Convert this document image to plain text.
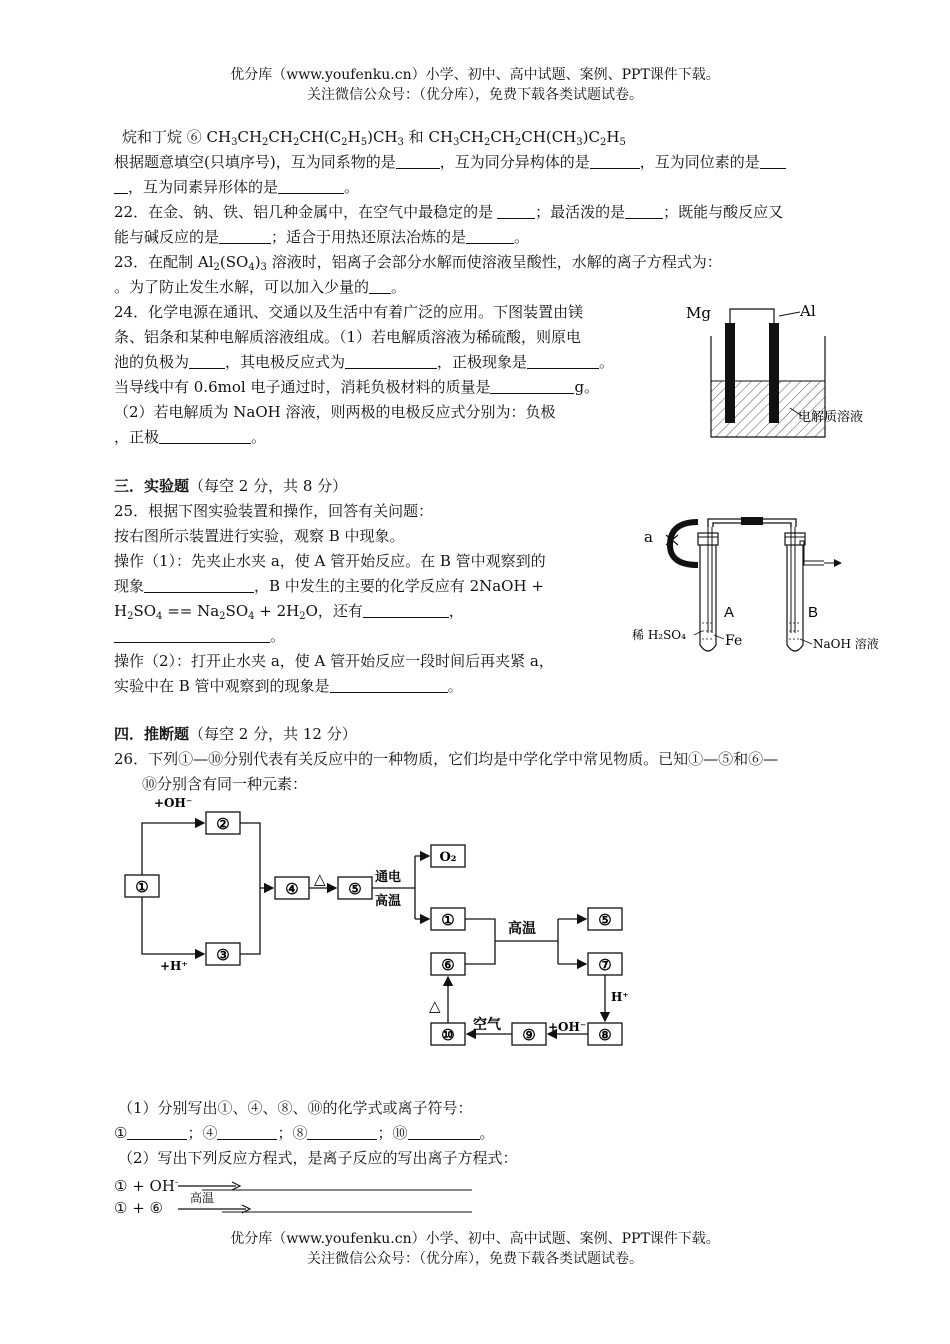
优分库（www.youfenku.cn）小学、初中、高中试题、案例、PPT课件下载。
关注微信公众号：（优分库），免费下载各类试题试卷。
烷和丁烷 ⑥ $CH_3CH_2CH_2CH(C_2H_5)CH_3$ 和 $CH_3CH_2CH_2CH(CH_3)C_2H_5$
根据题意填空(只填序号)，互为同系物的是	，互为同分异构体的是	，互为同位素的是
，互为同素异形体的是	。
22．在金、钠、铁、铝几种金属中，在空气中最稳定的是	；最活泼的是	；既能与酸反应又
能与碱反应的是	；适合于用热还原法冶炼的是	。
23．在配制 $Al_2(SO_4)_3$ 溶液时，铝离子会部分水解而使溶液呈酸性，水解的离子方程式为：
。为了防止发生水解，可以加入少量的 。
24．化学电源在通讯、交通以及生活中有着广泛的应用。下图装置由镁
条、铝条和某种电解质溶液组成。（1）若电解质溶液为稀硫酸，则原电
池的负极为 ，其电极反应式为	，正极现象是	。
当导线中有 0.6mol 电子通过时，消耗负极材料的质量是	g。
（2）若电解质为 NaOH 溶液，则两极的电极反应式分别为：负极
，正极	。
Mg	Al
电解质溶液
三．实验题（每空 2 分，共 8 分）
25．根据下图实验装置和操作，回答有关问题：
按右图所示装置进行实验，观察 B 中现象。
操作（1）：先夹止水夹 a，使 A 管开始反应。在 B 管中观察到的
现象	，B 中发生的主要的化学反应有 2NaOH +
$H_2SO_4 == Na_2SO_4 + 2H_2O$，还有	，
。
操作（2）：打开止水夹 a，使 A 管开始反应一段时间后再夹紧 a，
实验中在 B 管中观察到的现象是	。
a
A
稀 H₂SO₄	Fe
B
NaOH 溶液
四．推断题（每空 2 分，共 12 分）
26．下列①—⑩分别代表有关反应中的一种物质，它们均是中学化学中常见物质。已知①—⑤和⑥—
⑩分别含有同一种元素：
①
②
③
④	⑤
O₂
①	⑤
⑥	⑦
⑧
⑨
⑩
+OH⁻
+H⁺
△	通电
高温
高温
H⁺
+OH⁻
空气
△
（1）分别写出①、④、⑧、⑩的化学式或离子符号：
①	；④	；⑧	；⑩	。
（2）写出下列反应方程式，是离子反应的写出离子方程式：
① + OH-
① + ⑥
高温
优分库（www.youfenku.cn）小学、初中、高中试题、案例、PPT课件下载。
关注微信公众号：（优分库），免费下载各类试题试卷。
